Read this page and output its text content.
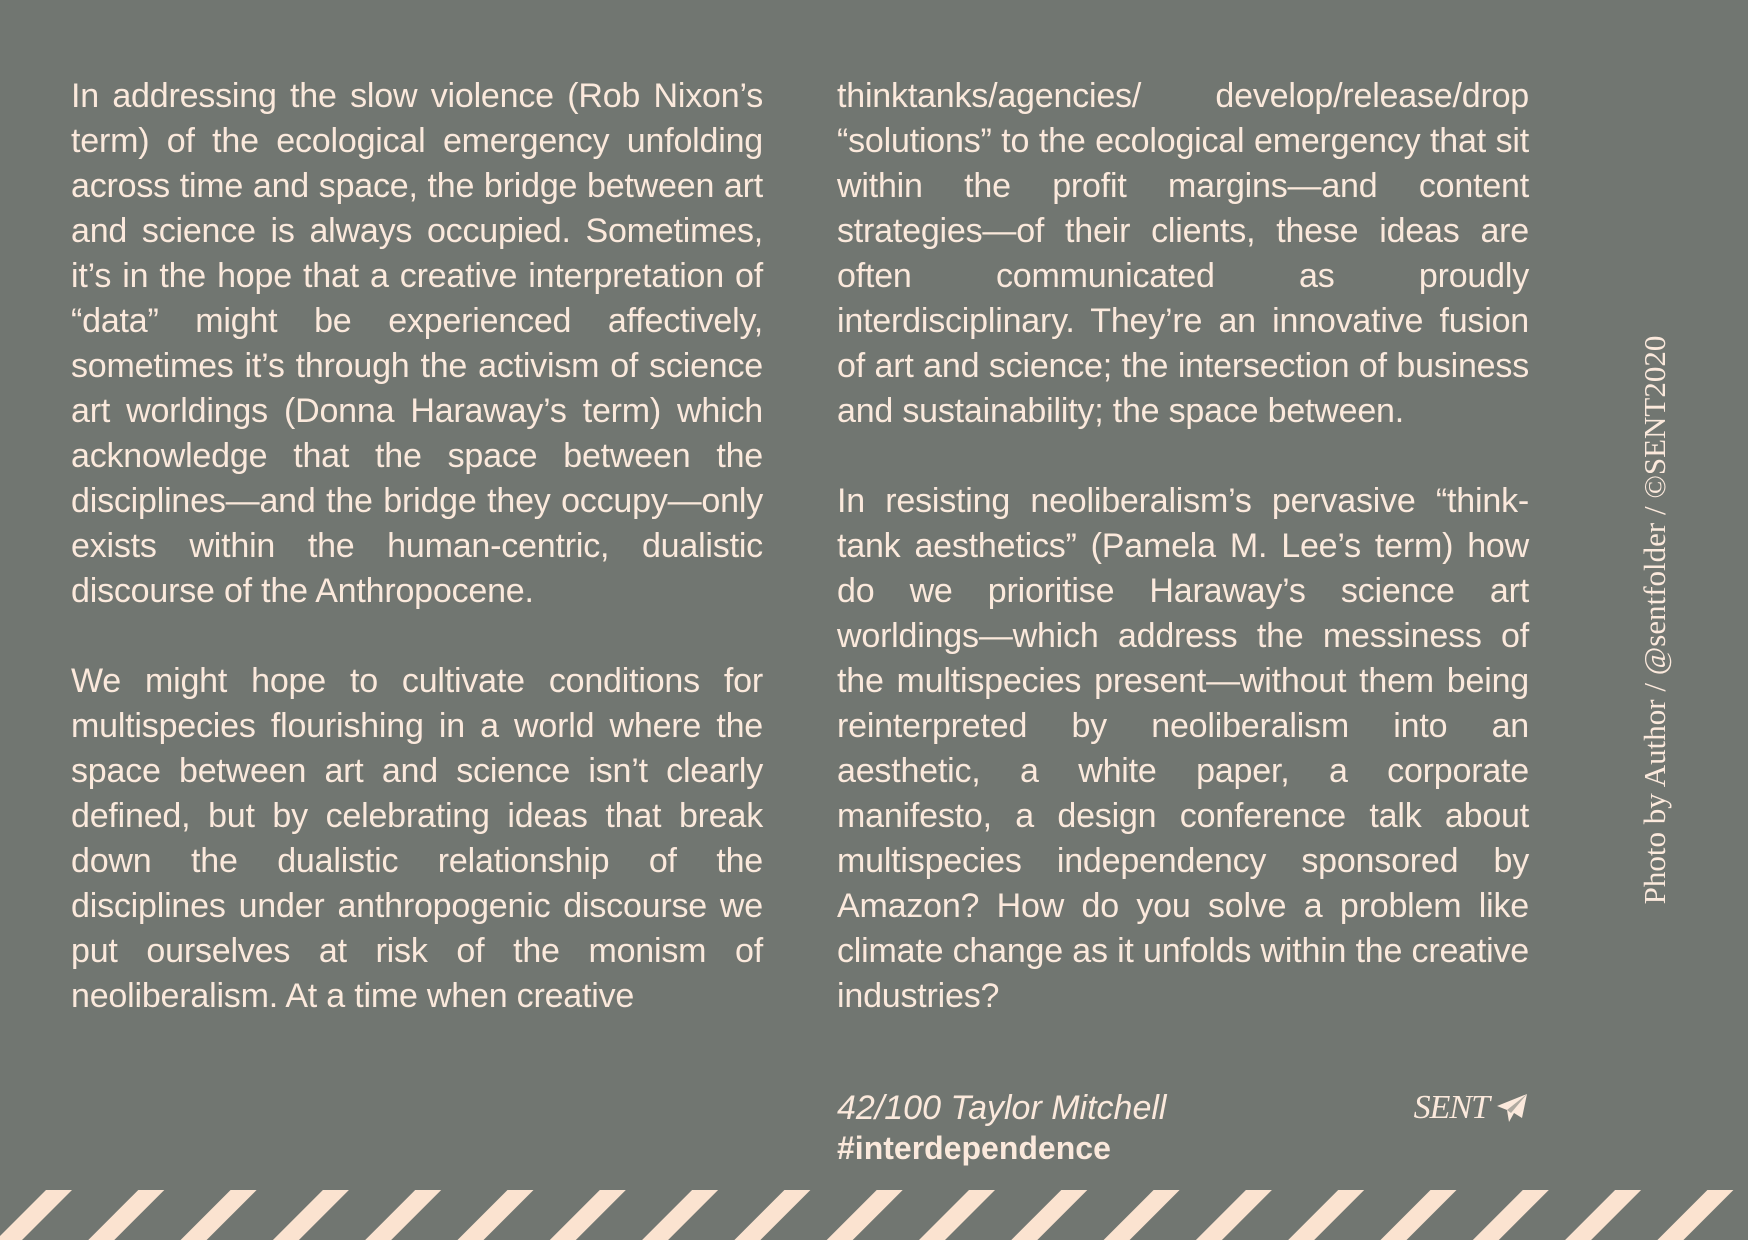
In addressing the slow violence (Rob Nixon’s term) of the ecological emergency unfolding across time and space, the bridge between art and science is always occupied. Sometimes, it’s in the hope that a creative interpretation of “data” might be experienced affectively, sometimes it’s through the activism of science art worldings (Donna Haraway’s term) which acknowledge that the space between the disciplines—and the bridge they occupy—only exists within the human-centric, dualistic discourse of the Anthropocene.

We might hope to cultivate conditions for multispecies flourishing in a world where the space between art and science isn’t clearly defined, but by celebrating ideas that break down the dualistic relationship of the disciplines under anthropogenic discourse we put ourselves at risk of the monism of neoliberalism. At a time when creative

thinktanks/agencies/ develop/release/drop “solutions” to the ecological emergency that sit within the profit margins—and content strategies—of their clients, these ideas are often communicated as proudly interdisciplinary. They’re an innovative fusion of art and science; the intersection of business and sustainability; the space between.

In resisting neoliberalism’s pervasive “think-tank aesthetics” (Pamela M. Lee’s term) how do we prioritise Haraway’s science art worldings—which address the messiness of the multispecies present—without them being reinterpreted by neoliberalism into an aesthetic, a white paper, a corporate manifesto, a design conference talk about multispecies independency sponsored by Amazon? How do you solve a problem like climate change as it unfolds within the creative industries?

42/100 Taylor Mitchell
#interdependence
SENT
Photo by Author / @sentfolder / ©SENT2020
